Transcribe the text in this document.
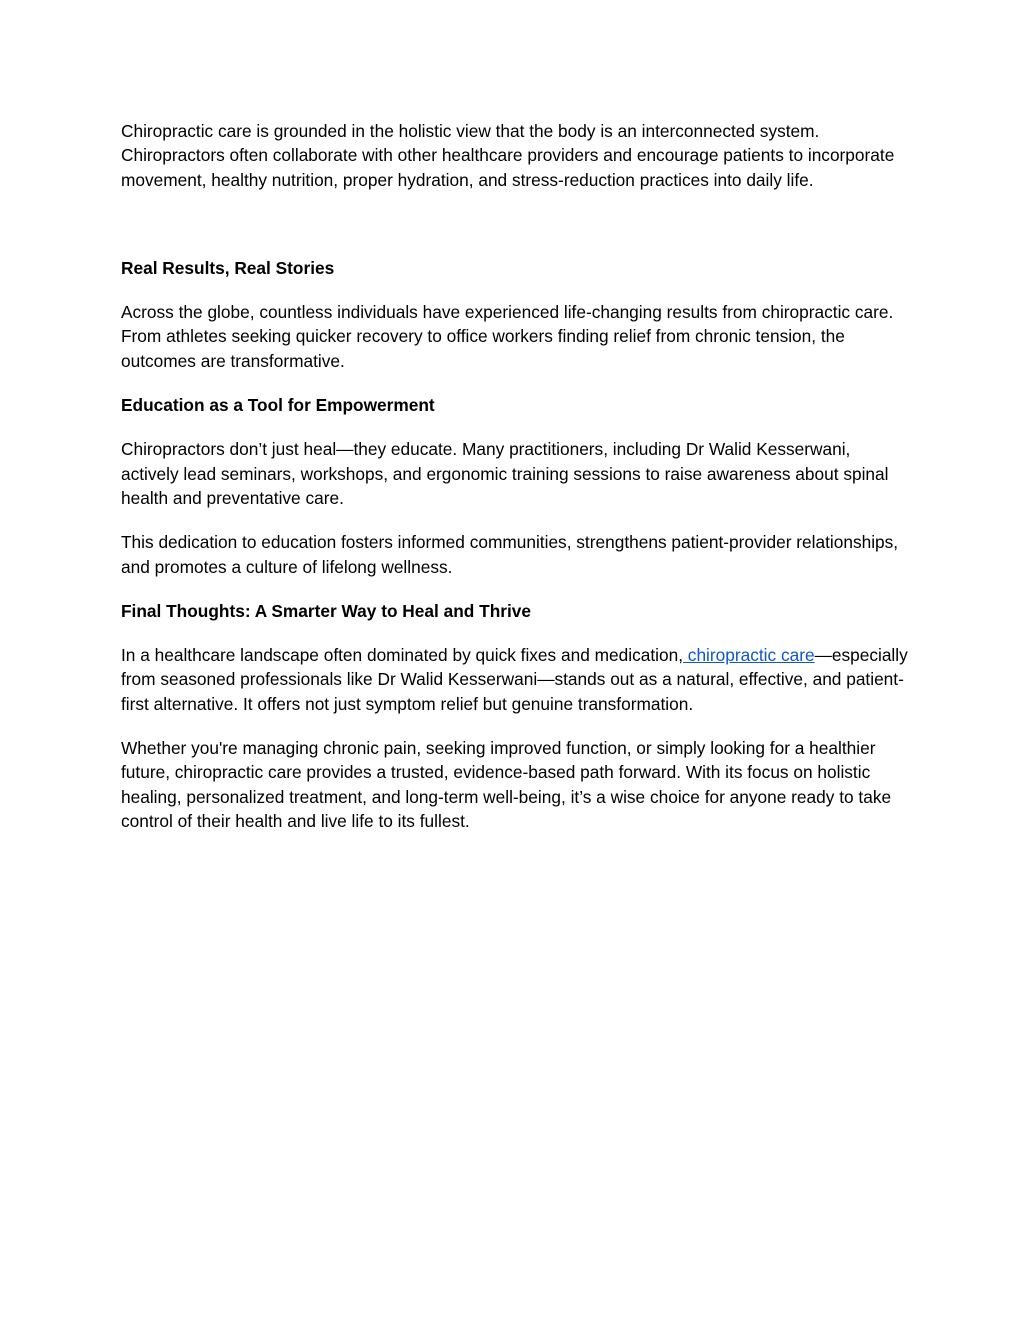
Chiropractic care is grounded in the holistic view that the body is an interconnected system. Chiropractors often collaborate with other healthcare providers and encourage patients to incorporate movement, healthy nutrition, proper hydration, and stress-reduction practices into daily life.

Real Results, Real Stories

Across the globe, countless individuals have experienced life-changing results from chiropractic care. From athletes seeking quicker recovery to office workers finding relief from chronic tension, the outcomes are transformative.

Education as a Tool for Empowerment

Chiropractors don’t just heal—they educate. Many practitioners, including Dr Walid Kesserwani, actively lead seminars, workshops, and ergonomic training sessions to raise awareness about spinal health and preventative care.

This dedication to education fosters informed communities, strengthens patient-provider relationships, and promotes a culture of lifelong wellness.

Final Thoughts: A Smarter Way to Heal and Thrive

In a healthcare landscape often dominated by quick fixes and medication, chiropractic care—especially from seasoned professionals like Dr Walid Kesserwani—stands out as a natural, effective, and patient-first alternative. It offers not just symptom relief but genuine transformation.

Whether you're managing chronic pain, seeking improved function, or simply looking for a healthier future, chiropractic care provides a trusted, evidence-based path forward. With its focus on holistic healing, personalized treatment, and long-term well-being, it’s a wise choice for anyone ready to take control of their health and live life to its fullest.
